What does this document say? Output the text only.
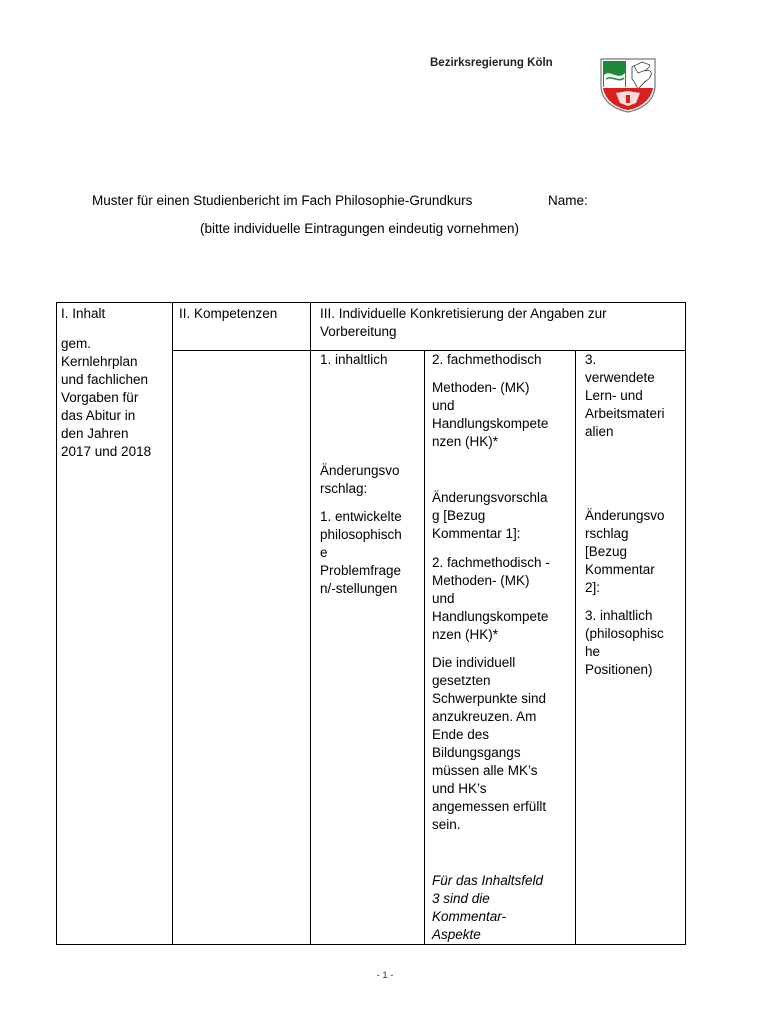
Bezirksregierung Köln
Muster für einen Studienbericht im Fach Philosophie-Grundkurs	Name:
(bitte individuelle Eintragungen eindeutig vornehmen)
I. Inhalt
gem.
Kernlehrplan
und fachlichen
Vorgaben für
das Abitur in
den Jahren
2017 und 2018
II. Kompetenzen	III. Individuelle Konkretisierung der Angaben zur
Vorbereitung
1. inhaltlich
Änderungsvo
rschlag:
1. entwickelte
philosophisch
e
Problemfrage
n/-stellungen
2. fachmethodisch
Methoden- (MK)
und
Handlungskompete
nzen (HK)*
Änderungsvorschla
g [Bezug
Kommentar 1]:
2. fachmethodisch -
Methoden- (MK)
und
Handlungskompete
nzen (HK)*
Die individuell
gesetzten
Schwerpunkte sind
anzukreuzen. Am
Ende des
Bildungsgangs
müssen alle MK’s
und HK’s
angemessen erfüllt
sein.
Für das Inhaltsfeld
3 sind die
Kommentar-
Aspekte
3.
verwendete
Lern- und
Arbeitsmateri
alien
Änderungsvo
rschlag
[Bezug
Kommentar
2]:
3. inhaltlich
(philosophisc
he
Positionen)
- 1 -
